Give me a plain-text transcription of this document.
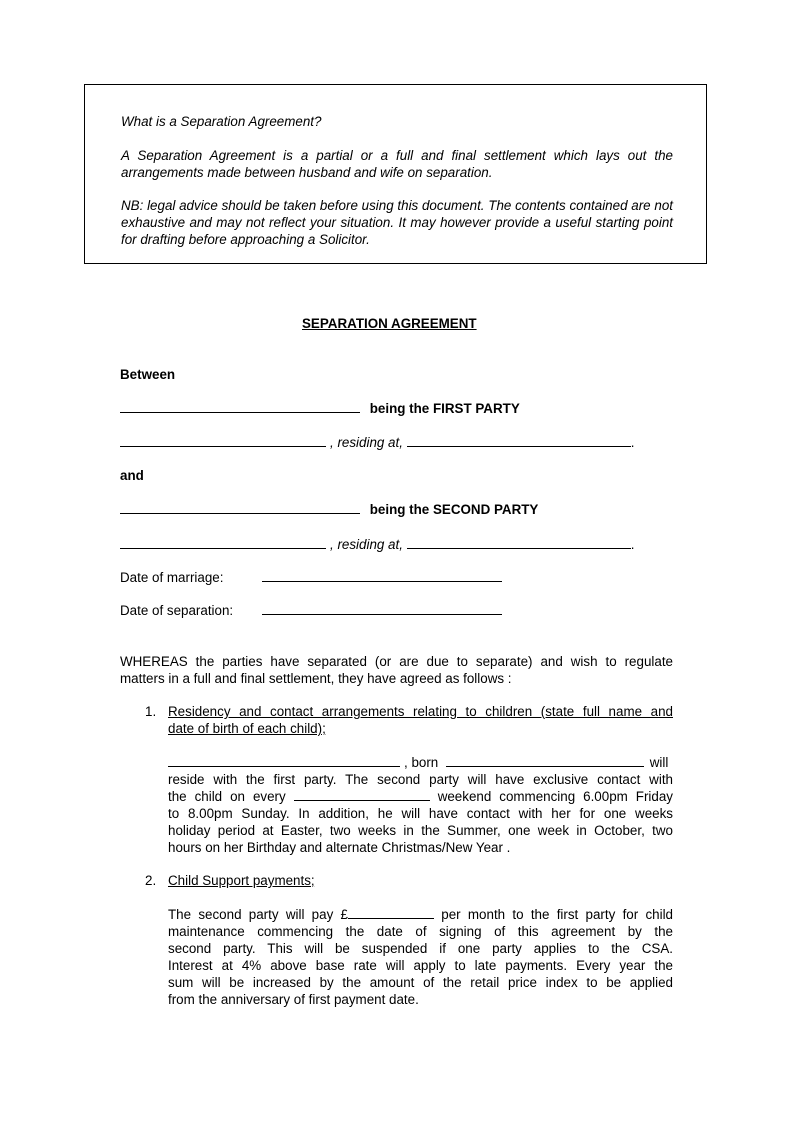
What is a Separation Agreement?

A Separation Agreement is a partial or a full and final settlement which lays out the arrangements made between husband and wife on separation.

NB: legal advice should be taken before using this document. The contents contained are not exhaustive and may not reflect your situation. It may however provide a useful starting point for drafting before approaching a Solicitor.

SEPARATION AGREEMENT
Between
being the FIRST PARTY
, residing at,	.
and
being the SECOND PARTY
, residing at,	.
Date of marriage:
Date of separation:
WHEREAS the parties have separated (or are due to separate) and wish to regulate
matters in a full and final settlement, they have agreed as follows :
1. Residency and contact arrangements relating to children (state full name and
date of birth of each child);
, born	will
reside with the first party. The second party will have exclusive contact with
the child on every	weekend commencing 6.00pm Friday
to 8.00pm Sunday. In addition, he will have contact with her for one weeks
holiday period at Easter, two weeks in the Summer, one week in October, two
hours on her Birthday and alternate Christmas/New Year .
2. Child Support payments;
The second party will pay £	per month to the first party for child
maintenance commencing the date of signing of this agreement by the
second party. This will be suspended if one party applies to the CSA.
Interest at 4% above base rate will apply to late payments. Every year the
sum will be increased by the amount of the retail price index to be applied
from the anniversary of first payment date.
